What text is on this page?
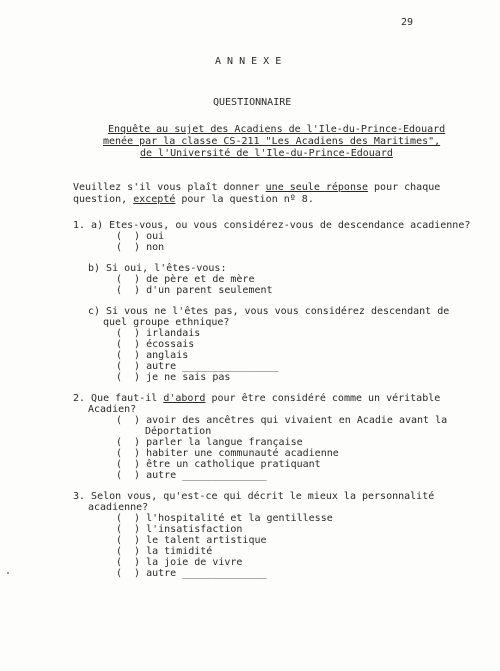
29
A N N E X E
QUESTIONNAIRE
Enquête au sujet des Acadiens de l'Ile-du-Prince-Edouard
menée par la classe CS-211 "Les Acadiens des Maritimes",
de l'Université de l'Ile-du-Prince-Edouard
Veuillez s'il vous plaît donner une seule réponse pour chaque
question, excepté pour la question nº 8.
1. a) Etes-vous, ou vous considérez-vous de descendance acadienne?
(  ) oui
(  ) non
b) Si oui, l'êtes-vous:
(  ) de père et de mère
(  ) d'un parent seulement
c) Si vous ne l'êtes pas, vous vous considérez descendant de
quel groupe ethnique?
(  ) irlandais
(  ) écossais
(  ) anglais
(  ) autre ________________
(  ) je ne sais pas
2. Que faut-il d'abord pour être considéré comme un véritable
Acadien?
(  ) avoir des ancêtres qui vivaient en Acadie avant la
Déportation
(  ) parler la langue française
(  ) habiter une communauté acadienne
(  ) être un catholique pratiquant
(  ) autre ______________
3. Selon vous, qu'est-ce qui décrit le mieux la personnalité
acadienne?
(  ) l'hospitalité et la gentillesse
(  ) l'insatisfaction
(  ) le talent artistique
(  ) la timidité
(  ) la joie de vivre
(  ) autre ______________
